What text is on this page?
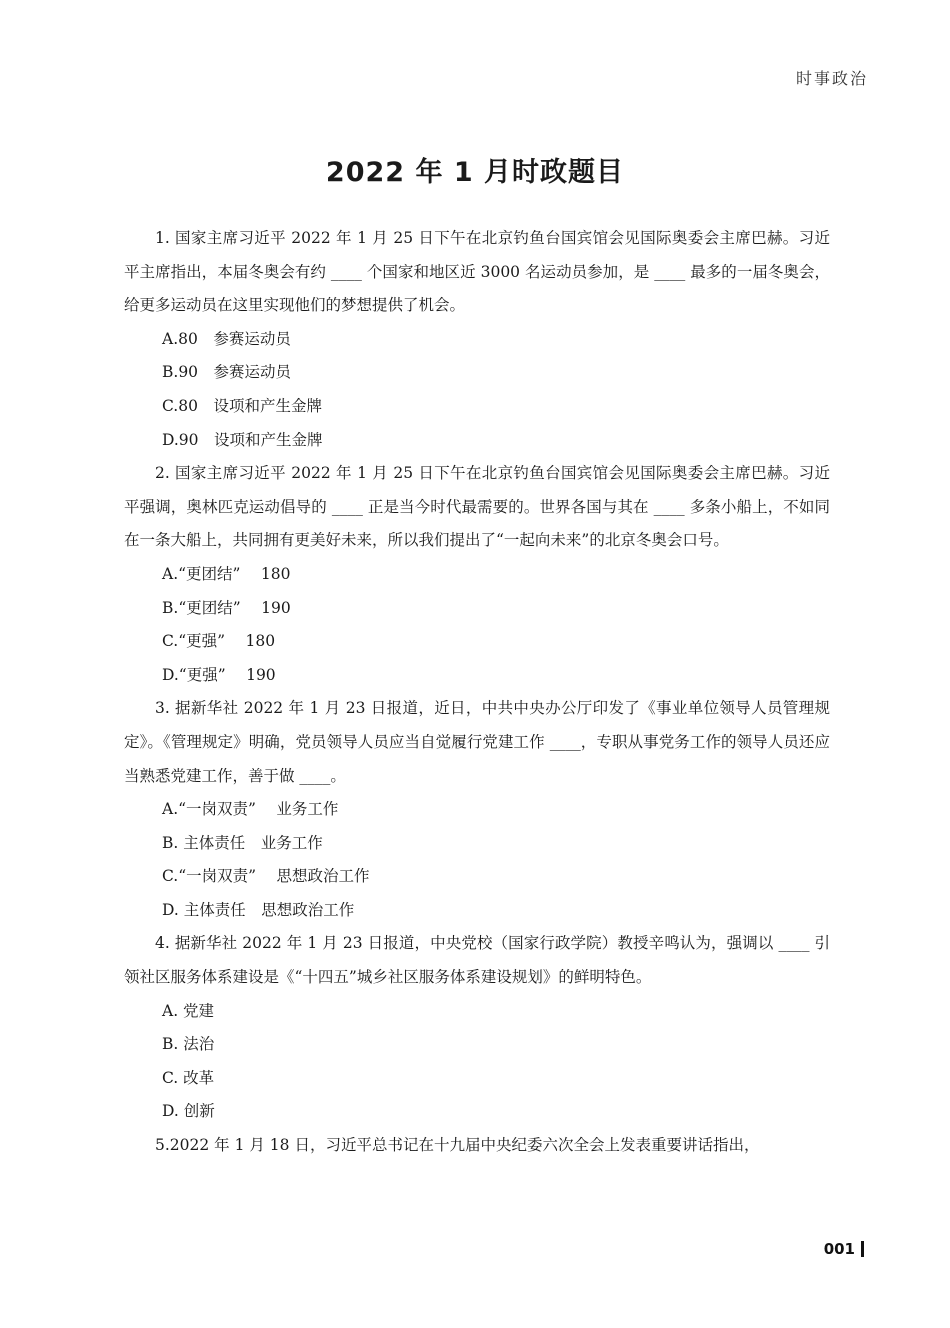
时事政治
2022 年 1 月时政题目

1. 国家主席习近平 2022 年 1 月 25 日下午在北京钓鱼台国宾馆会见国际奥委会主席巴赫。习近平主席指出，本届冬奥会有约 ____ 个国家和地区近 3000 名运动员参加，是 ____ 最多的一届冬奥会，给更多运动员在这里实现他们的梦想提供了机会。

A.80　参赛运动员

B.90　参赛运动员

C.80　设项和产生金牌

D.90　设项和产生金牌

2. 国家主席习近平 2022 年 1 月 25 日下午在北京钓鱼台国宾馆会见国际奥委会主席巴赫。习近平强调，奥林匹克运动倡导的 ____ 正是当今时代最需要的。世界各国与其在 ____ 多条小船上，不如同在一条大船上，共同拥有更美好未来，所以我们提出了“一起向未来”的北京冬奥会口号。

A.“更团结”　 180

B.“更团结”　 190

C.“更强”　 180

D.“更强”　 190

3. 据新华社 2022 年 1 月 23 日报道，近日，中共中央办公厅印发了《事业单位领导人员管理规定》。《管理规定》明确，党员领导人员应当自觉履行党建工作 ____，专职从事党务工作的领导人员还应当熟悉党建工作，善于做 ____。

A.“一岗双责”　 业务工作

B. 主体责任　业务工作

C.“一岗双责”　 思想政治工作

D. 主体责任　思想政治工作

4. 据新华社 2022 年 1 月 23 日报道，中央党校（国家行政学院）教授辛鸣认为，强调以 ____ 引领社区服务体系建设是《“十四五”城乡社区服务体系建设规划》的鲜明特色。

A. 党建

B. 法治

C. 改革

D. 创新

5.2022 年 1 月 18 日，习近平总书记在十九届中央纪委六次全会上发表重要讲话指出，

001
